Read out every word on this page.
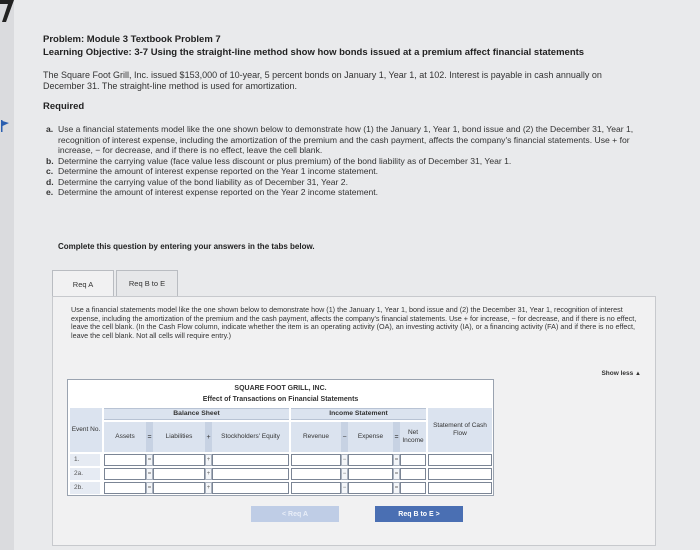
Problem: Module 3 Textbook Problem 7
Learning Objective: 3-7 Using the straight-line method show how bonds issued at a premium affect financial statements
The Square Foot Grill, Inc. issued $153,000 of 10-year, 5 percent bonds on January 1, Year 1, at 102. Interest is payable in cash annually on December 31. The straight-line method is used for amortization.
Required
a. Use a financial statements model like the one shown below to demonstrate how (1) the January 1, Year 1, bond issue and (2) the December 31, Year 1, recognition of interest expense, including the amortization of the premium and the cash payment, affects the company's financial statements. Use + for increase, − for decrease, and if there is no effect, leave the cell blank.
b. Determine the carrying value (face value less discount or plus premium) of the bond liability as of December 31, Year 1.
c. Determine the amount of interest expense reported on the Year 1 income statement.
d. Determine the carrying value of the bond liability as of December 31, Year 2.
e. Determine the amount of interest expense reported on the Year 2 income statement.
Complete this question by entering your answers in the tabs below.
Req A	Req B to E
Use a financial statements model like the one shown below to demonstrate how (1) the January 1, Year 1, bond issue and (2) the December 31, Year 1, recognition of interest expense, including the amortization of the premium and the cash payment, affects the company's financial statements. Use + for increase, − for decrease, and if there is no effect, leave the cell blank. (In the Cash Flow column, indicate whether the item is an operating activity (OA), an investing activity (IA), or a financing activity (FA) and if there is no effect, leave the cell blank. Not all cells will require entry.)
Show less ▲
SQUARE FOOT GRILL, INC.
Effect of Transactions on Financial Statements
Balance Sheet	Income Statement
Event No.
Assets	=	Liabilities	+	Stockholders' Equity	Revenue	−	Expense	=
Net Income
Statement of Cash Flow
1.	=	+	−	=
2a.	=	+	−	=
2b.	=	+	−	=
< Req A	Req B to E >
